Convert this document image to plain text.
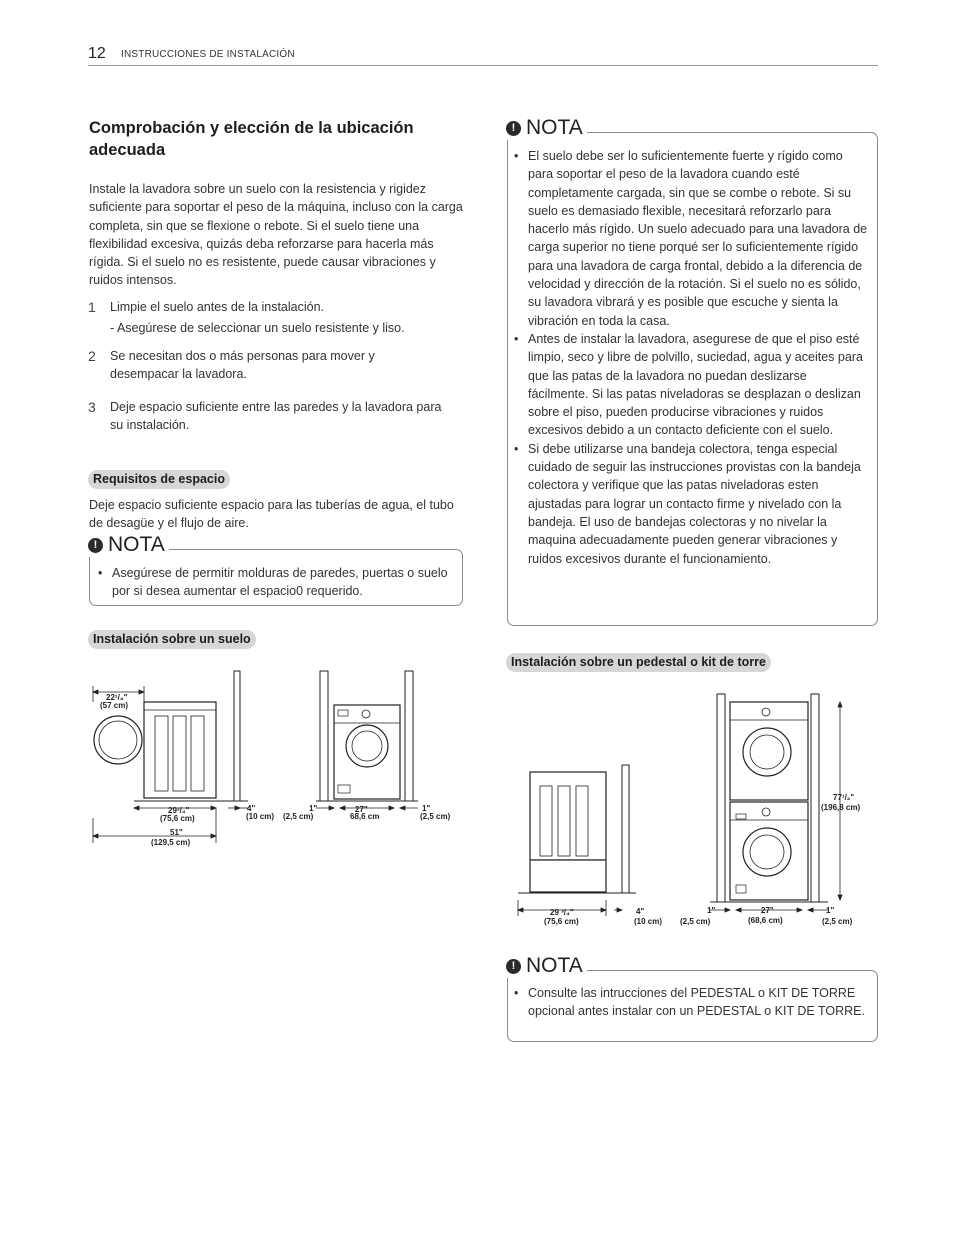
12 INSTRUCCIONES DE INSTALACIÓN
Comprobación y elección de la ubicación adecuada
Instale la lavadora sobre un suelo con la resistencia y rigidez suficiente para soportar el peso de la máquina, incluso con la carga completa, sin que se flexione o rebote. Si el suelo tiene una flexibilidad excesiva, quizás deba reforzarse para hacerla más rígida. Si el suelo no es resistente, puede causar vibraciones y ruidos intensos.
1 Limpie el suelo antes de la instalación.
- Asegúrese de seleccionar un suelo resistente y liso.
2 Se necesitan dos o más personas para mover y desempacar la lavadora.
3 Deje espacio suficiente entre las paredes y la lavadora para su instalación.
Requisitos de espacio
Deje espacio suficiente espacio para las tuberías de agua, el tubo de desagüe y el flujo de aire.
! NOTA
• Asegúrese de permitir molduras de paredes, puertas o suelo por si desea aumentar el espacio0 requerido.
Instalación sobre un suelo
22¹/₄"
(57 cm)
29³/₄"
(75,6 cm)
51"
(129,5 cm)
4"
(10 cm)
1"
(2,5 cm)
27"
68,6 cm
1"
(2,5 cm)
! NOTA
• El suelo debe ser lo suficientemente fuerte y rígido como para soportar el peso de la lavadora cuando esté completamente cargada, sin que se combe o rebote. Si su suelo es demasiado flexible, necesitará reforzarlo para hacerlo más rígido. Un suelo adecuado para una lavadora de carga superior no tiene porqué ser lo suficientemente rígido para una lavadora de carga frontal, debido a la diferencia de velocidad y dirección de la rotación. Si el suelo no es sólido, su lavadora vibrará y es posible que escuche y sienta la vibración en toda la casa.
• Antes de instalar la lavadora, asegurese de que el piso esté limpio, seco y libre de polvillo, suciedad, agua y aceites para que las patas de la lavadora no puedan deslizarse fácilmente. Si las patas niveladoras se desplazan o deslizan sobre el piso, pueden producirse vibraciones y ruidos excesivos debido a un contacto deficiente con el suelo.
• Si debe utilizarse una bandeja colectora, tenga especial cuidado de seguir las instrucciones provistas con la bandeja colectora y verifique que las patas niveladoras esten ajustadas para lograr un contacto firme y nivelado con la bandeja. El uso de bandejas colectoras y no nivelar la maquina adecuadamente pueden generar vibraciones y ruidos excesivos durante el funcionamiento.
Instalación sobre un pedestal o kit de torre
77¹/₂"
(196,8 cm)
29 ³/₄"
(75,6 cm)
4"
(10 cm)
1"
(2,5 cm)
27"
(68,6 cm)
1"
(2,5 cm)
! NOTA
• Consulte las intrucciones del PEDESTAL o KIT DE TORRE opcional antes instalar con un PEDESTAL o KIT DE TORRE.
